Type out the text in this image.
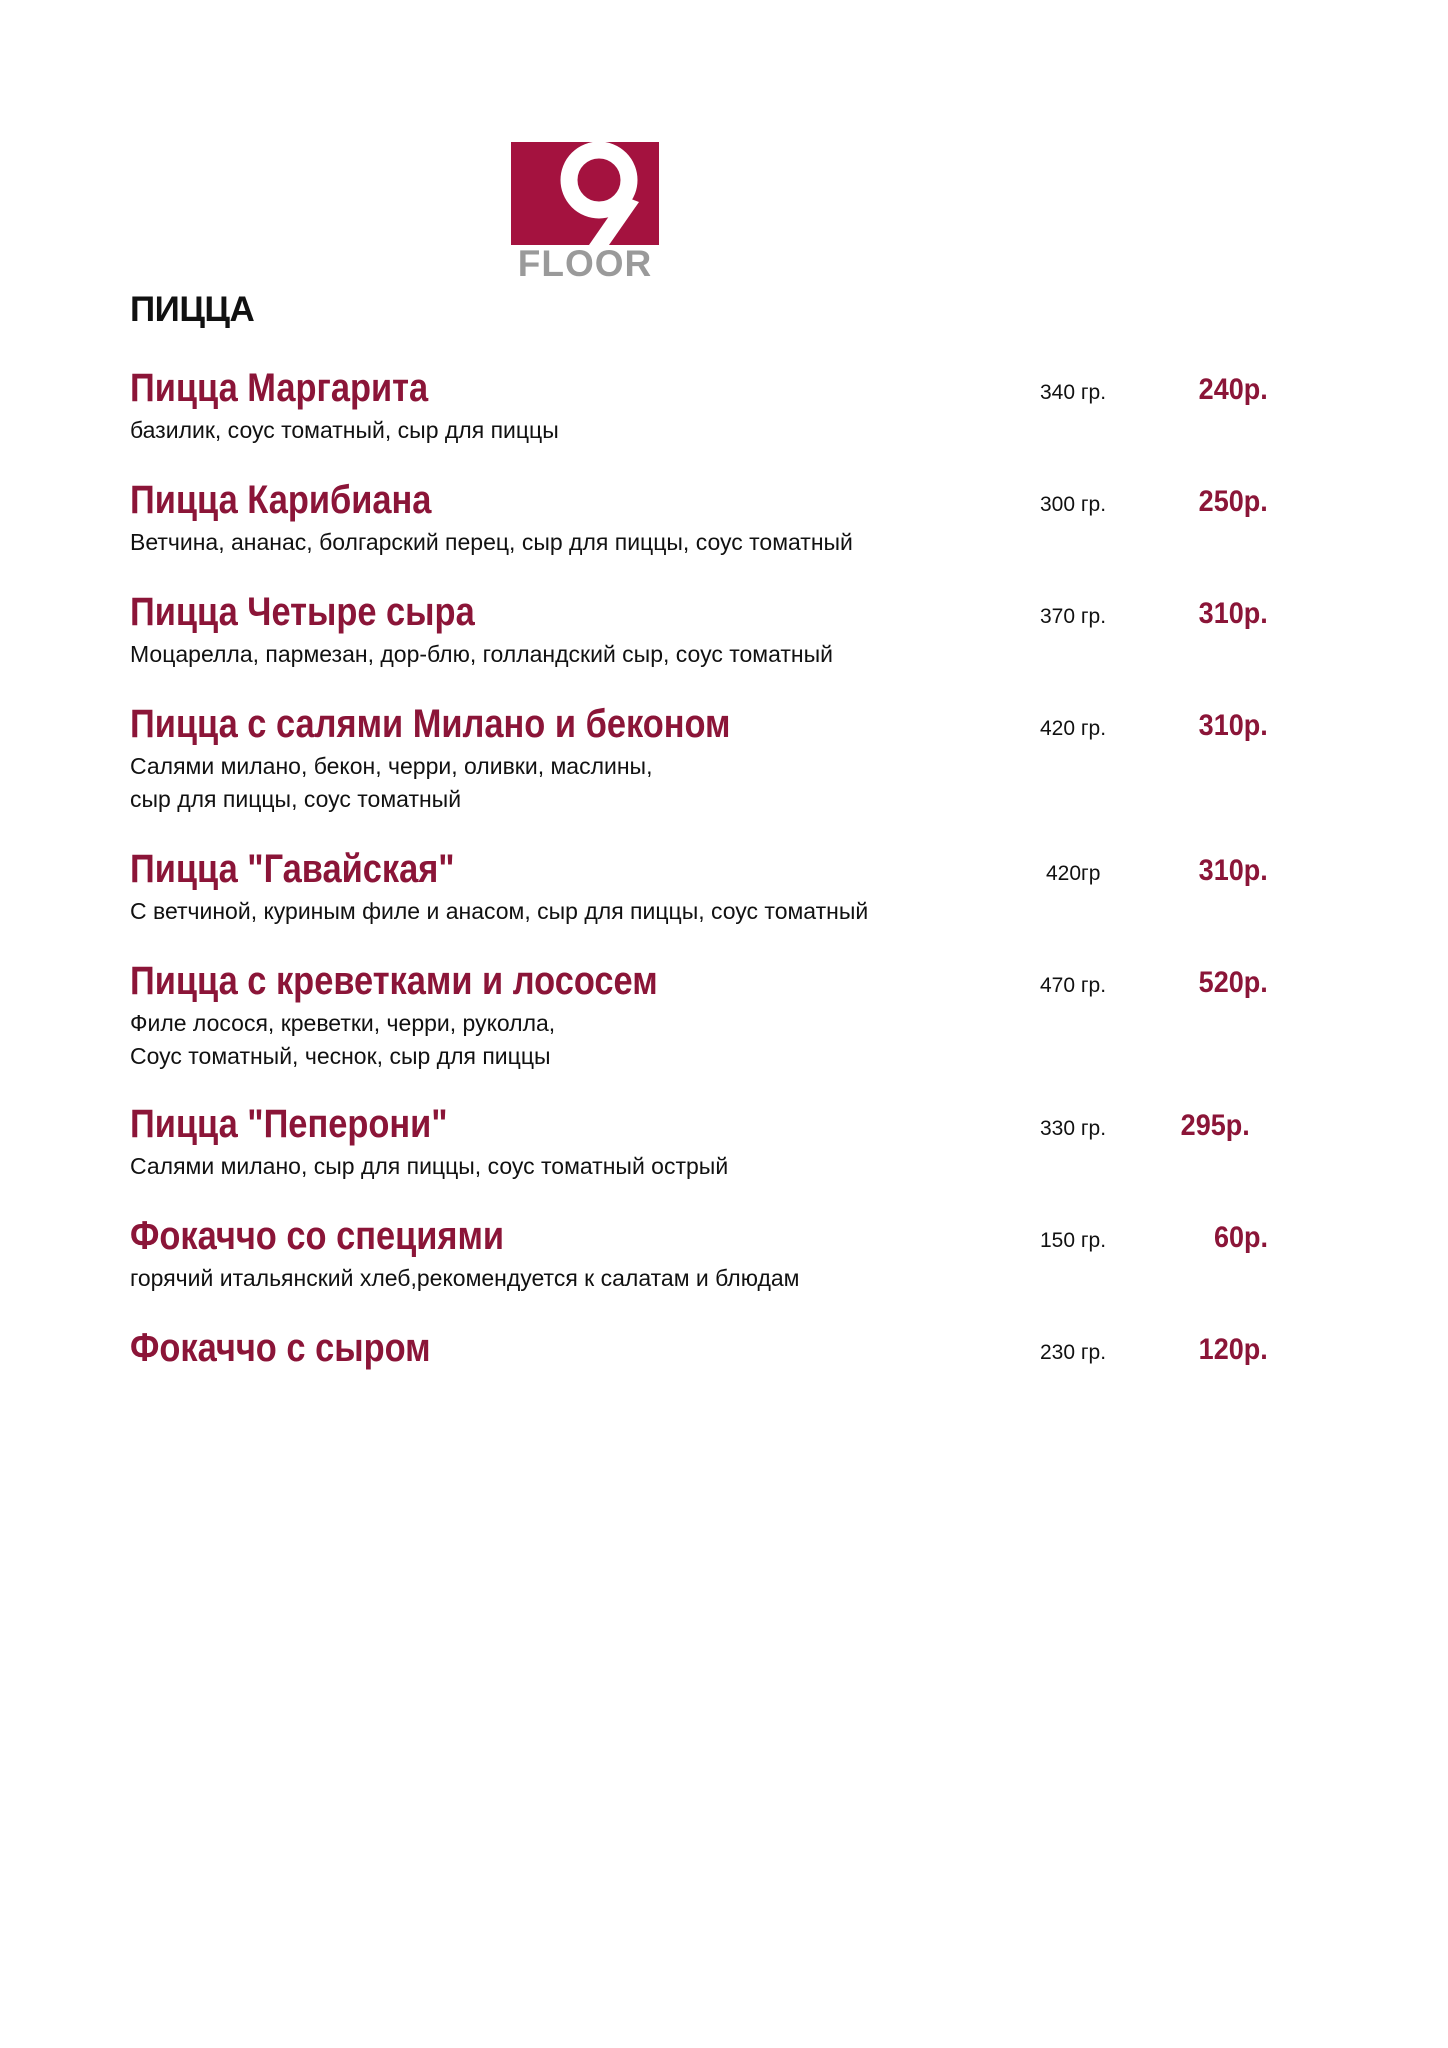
FLOOR
ПИЦЦА
Пицца Маргарита	340 гр.	240р.
базилик, соус томатный, сыр для пиццы
Пицца Карибиана	300 гр.	250р.
Ветчина, ананас, болгарский перец, сыр для пиццы, соус томатный
Пицца Четыре сыра	370 гр.	310р.
Моцарелла, пармезан, дор-блю, голландский сыр, соус томатный
Пицца с салями Милано и беконом	420 гр.	310р.
Салями милано, бекон, черри, оливки, маслины,
сыр для пиццы, соус томатный
Пицца "Гавайская"	420гр	310р.
С ветчиной, куриным филе и анасом, сыр для пиццы, соус томатный
Пицца с креветками и лососем	470 гр.	520р.
Филе лосося, креветки, черри, руколла,
Соус томатный, чеснок, сыр для пиццы
Пицца "Пеперони"	330 гр.	295р.
Салями милано, сыр для пиццы, соус томатный острый
Фокаччо со специями	150 гр.	60р.
горячий итальянский хлеб,рекомендуется к салатам и блюдам
Фокаччо с сыром	230 гр.	120р.
